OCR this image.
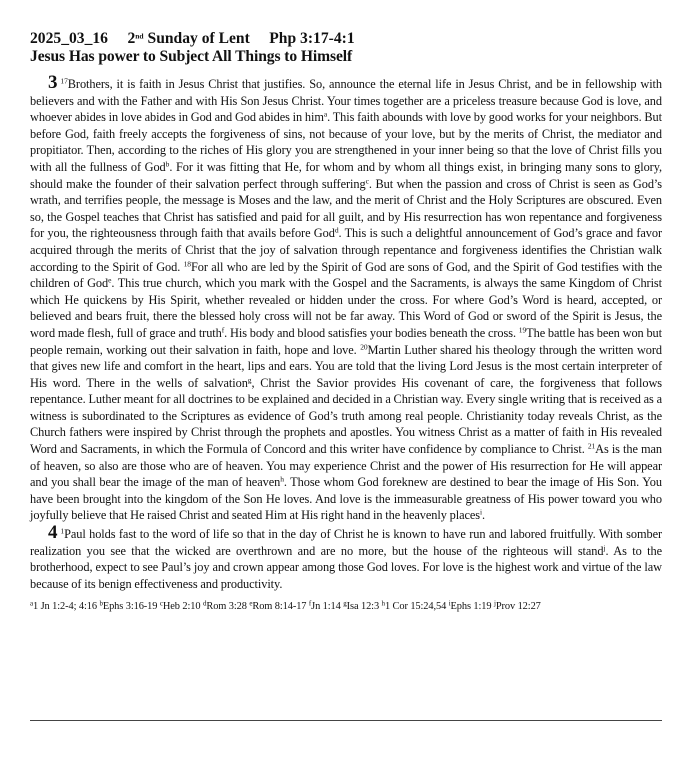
2025_03_16 2nd Sunday of Lent Php 3:17-4:1
Jesus Has power to Subject All Things to Himself

3 $^{17}$Brothers, it is faith in Jesus Christ that justifies. So, announce the eternal life in Jesus Christ, and be in fellowship with believers and with the Father and with His Son Jesus Christ. Your times together are a priceless treasure because God is love, and whoever abides in love abides in God and God abides in him$^a$. This faith abounds with love by good works for your neighbors. But before God, faith freely accepts the forgiveness of sins, not because of your love, but by the merits of Christ, the mediator and propitiator. Then, according to the riches of His glory you are strengthened in your inner being so that the love of Christ fills you with all the fullness of God$^b$. For it was fitting that He, for whom and by whom all things exist, in bringing many sons to glory, should make the founder of their salvation perfect through suffering$^c$. But when the passion and cross of Christ is seen as God’s wrath, and terrifies people, the message is Moses and the law, and the merit of Christ and the Holy Scriptures are obscured. Even so, the Gospel teaches that Christ has satisfied and paid for all guilt, and by His resurrection has won repentance and forgiveness for you, the righteousness through faith that avails before God$^d$. This is such a delightful announcement of God’s grace and favor acquired through the merits of Christ that the joy of salvation through repentance and forgiveness identifies the Christian walk according to the Spirit of God. $^{18}$For all who are led by the Spirit of God are sons of God, and the Spirit of God testifies with the children of God$^e$. This true church, which you mark with the Gospel and the Sacraments, is always the same Kingdom of Christ which He quickens by His Spirit, whether revealed or hidden under the cross. For where God’s Word is heard, accepted, or believed and bears fruit, there the blessed holy cross will not be far away. This Word of God or sword of the Spirit is Jesus, the word made flesh, full of grace and truth$^f$. His body and blood satisfies your bodies beneath the cross. $^{19}$The battle has been won but people remain, working out their salvation in faith, hope and love. $^{20}$Martin Luther shared his theology through the written word that gives new life and comfort in the heart, lips and ears. You are told that the living Lord Jesus is the most certain interpreter of His word. There in the wells of salvation$^g$, Christ the Savior provides His covenant of care, the forgiveness that follows repentance. Luther meant for all doctrines to be explained and decided in a Christian way. Every single writing that is received as a witness is subordinated to the Scriptures as evidence of God’s truth among real people. Christianity today reveals Christ, as the Church fathers were inspired by Christ through the prophets and apostles. You witness Christ as a matter of faith in His revealed Word and Sacraments, in which the Formula of Concord and this writer have confidence by compliance to Christ. $^{21}$As is the man of heaven, so also are those who are of heaven. You may experience Christ and the power of His resurrection for He will appear and you shall bear the image of the man of heaven$^h$. Those whom God foreknew are destined to bear the image of His Son. You have been brought into the kingdom of the Son He loves. And love is the immeasurable greatness of His power toward you who joyfully believe that He raised Christ and seated Him at His right hand in the heavenly places$^i$.

4 $^1$Paul holds fast to the word of life so that in the day of Christ he is known to have run and labored fruitfully. With somber realization you see that the wicked are overthrown and are no more, but the house of the righteous will stand$^j$. As to the brotherhood, expect to see Paul’s joy and crown appear among those God loves. For love is the highest work and virtue of the law because of its benign effectiveness and productivity.

$^a$1 Jn 1:2-4; 4:16 $^b$Ephs 3:16-19 $^c$Heb 2:10 $^d$Rom 3:28 $^e$Rom 8:14-17 $^f$Jn 1:14 $^g$Isa 12:3 $^h$1 Cor 15:24,54 $^i$Ephs 1:19 $^j$Prov 12:27
